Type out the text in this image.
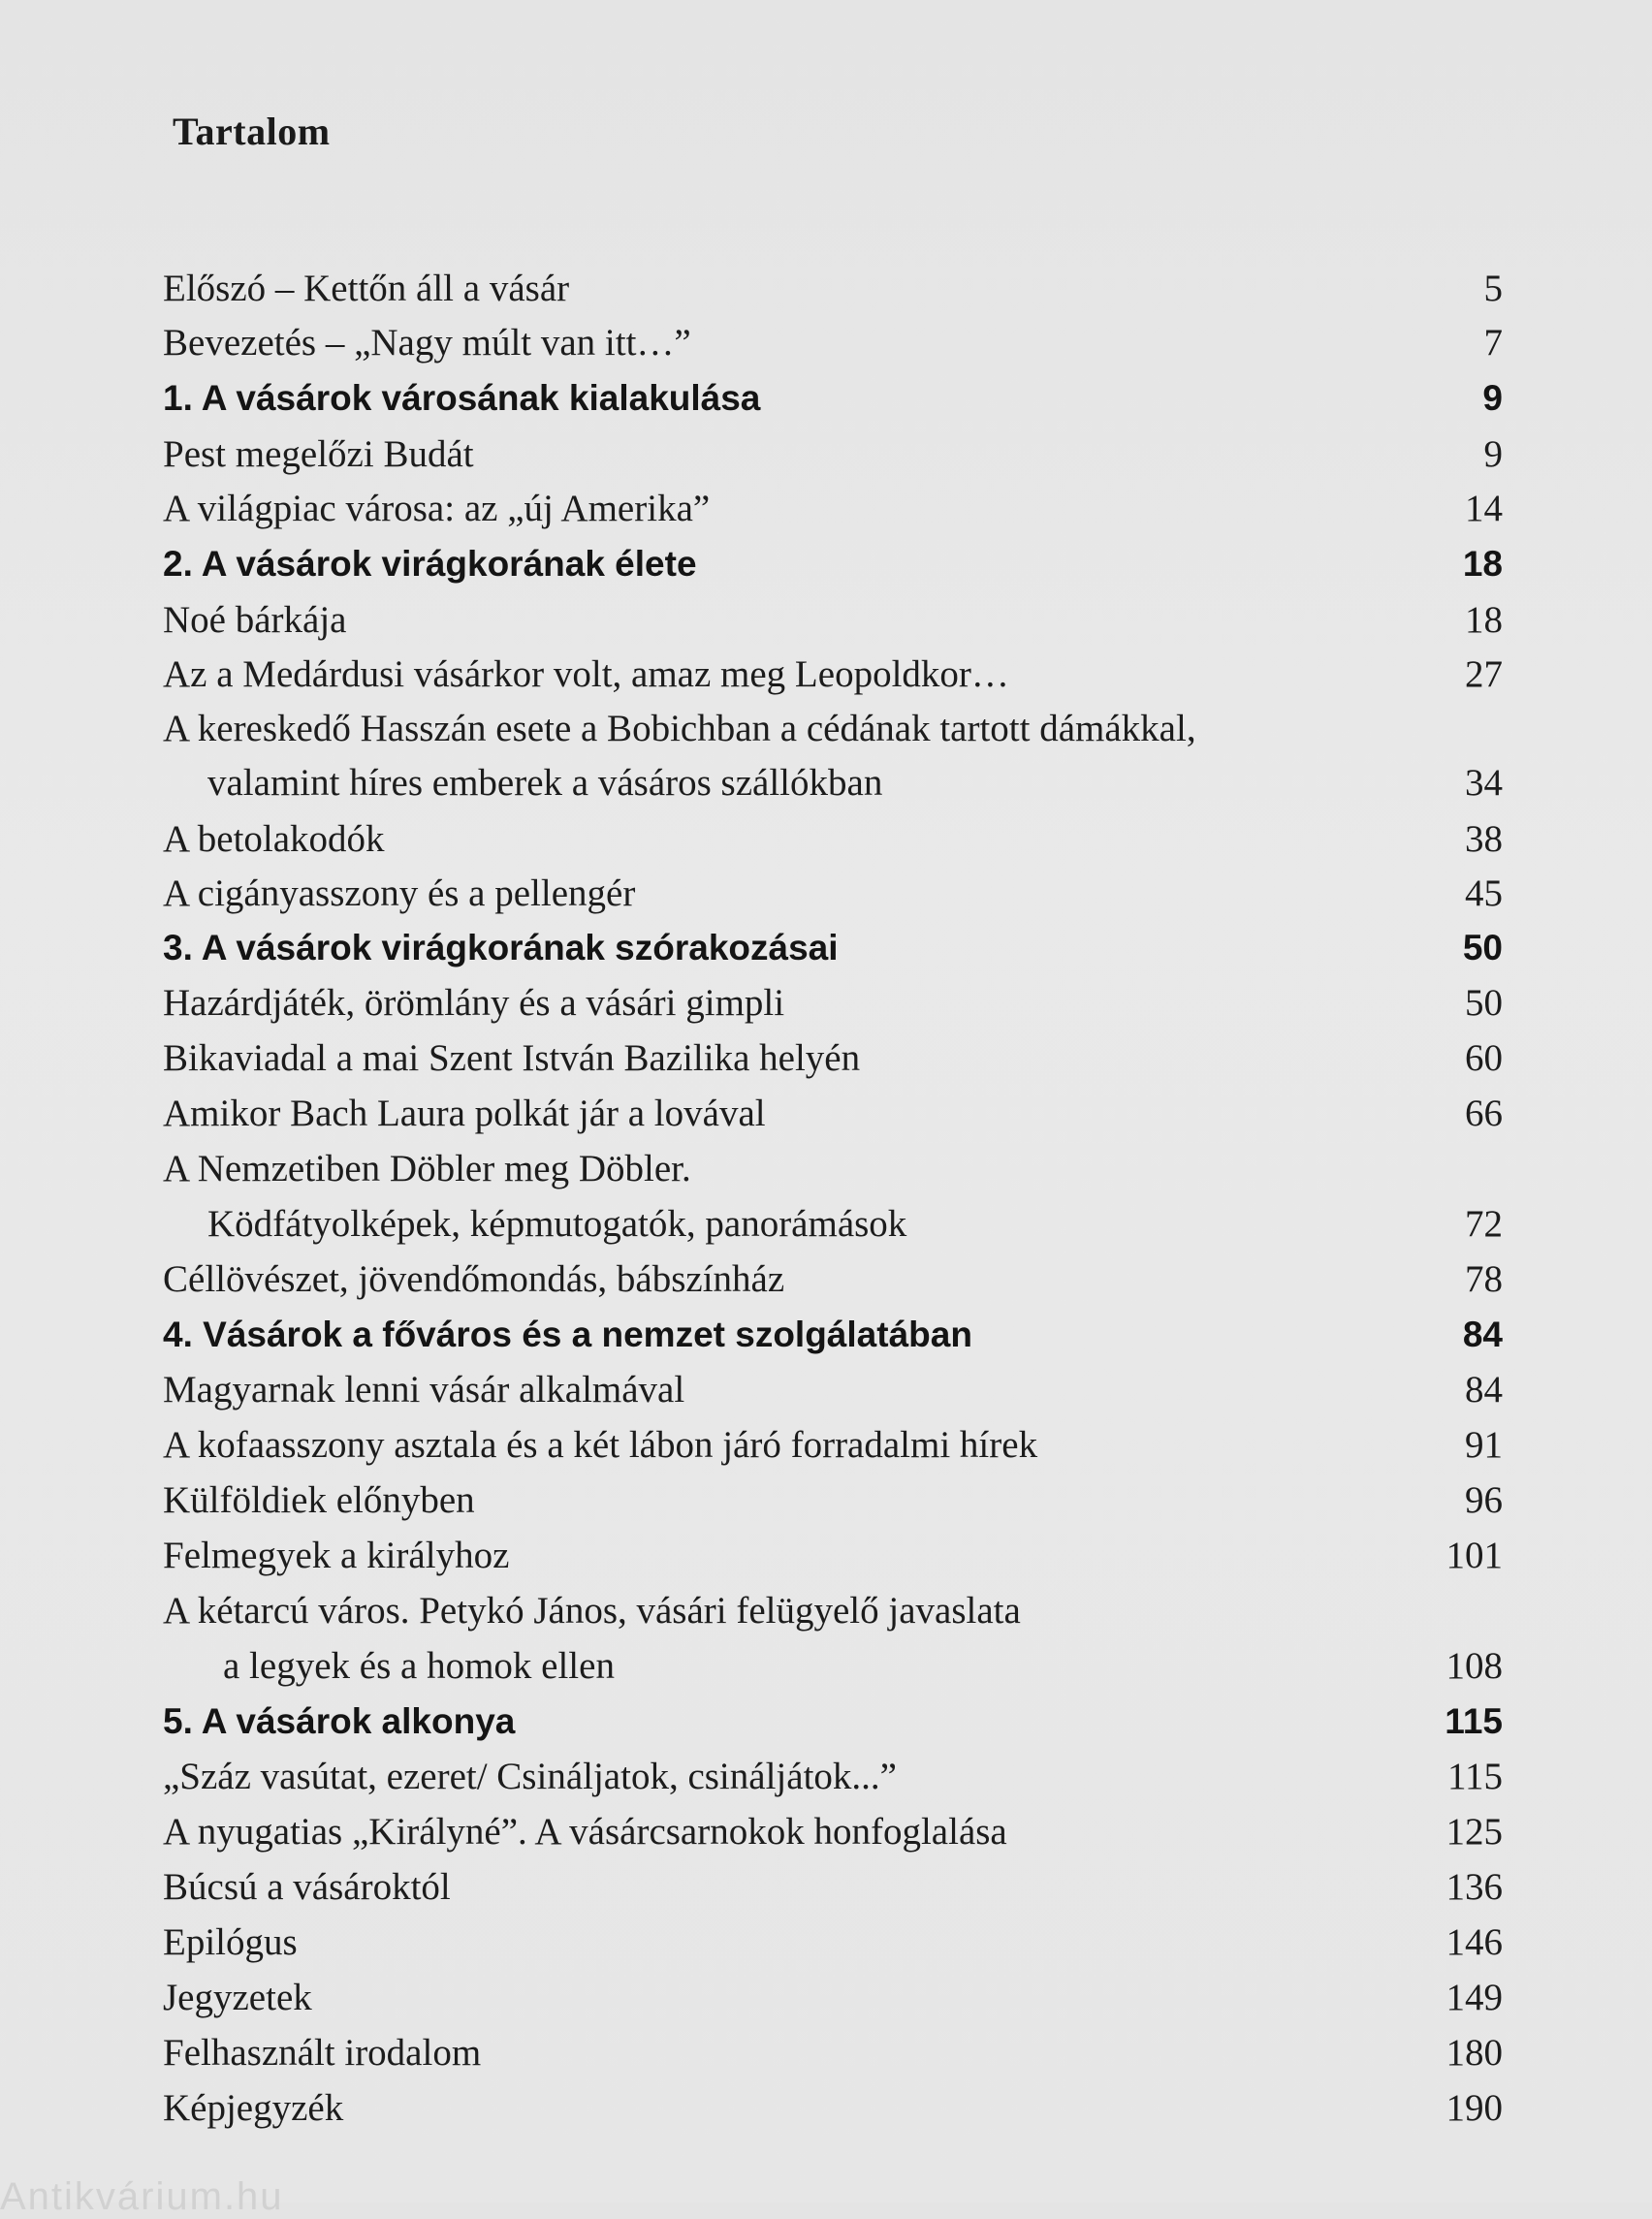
Tartalom
Előszó – Kettőn áll a vásár	5
Bevezetés – „Nagy múlt van itt…”	7
1. A vásárok városának kialakulása	9
Pest megelőzi Budát	9
A világpiac városa: az „új Amerika”	14
2. A vásárok virágkorának élete	18
Noé bárkája	18
Az a Medárdusi vásárkor volt, amaz meg Leopoldkor…	27
A kereskedő Hasszán esete a Bobichban a cédának tartott dámákkal,
valamint híres emberek a vásáros szállókban	34
A betolakodók	38
A cigányasszony és a pellengér	45
3. A vásárok virágkorának szórakozásai	50
Hazárdjáték, örömlány és a vásári gimpli	50
Bikaviadal a mai Szent István Bazilika helyén	60
Amikor Bach Laura polkát jár a lovával	66
A Nemzetiben Döbler meg Döbler.
Ködfátyolképek, képmutogatók, panorámások	72
Céllövészet, jövendőmondás, bábszínház	78
4. Vásárok a főváros és a nemzet szolgálatában	84
Magyarnak lenni vásár alkalmával	84
A kofaasszony asztala és a két lábon járó forradalmi hírek	91
Külföldiek előnyben	96
Felmegyek a királyhoz	101
A kétarcú város. Petykó János, vásári felügyelő javaslata
a legyek és a homok ellen	108
5. A vásárok alkonya	115
„Száz vasútat, ezeret/ Csináljatok, csináljátok...”	115
A nyugatias „Királyné”. A vásárcsarnokok honfoglalása	125
Búcsú a vásároktól	136
Epilógus	146
Jegyzetek	149
Felhasznált irodalom	180
Képjegyzék	190
Antikvárium.hu
